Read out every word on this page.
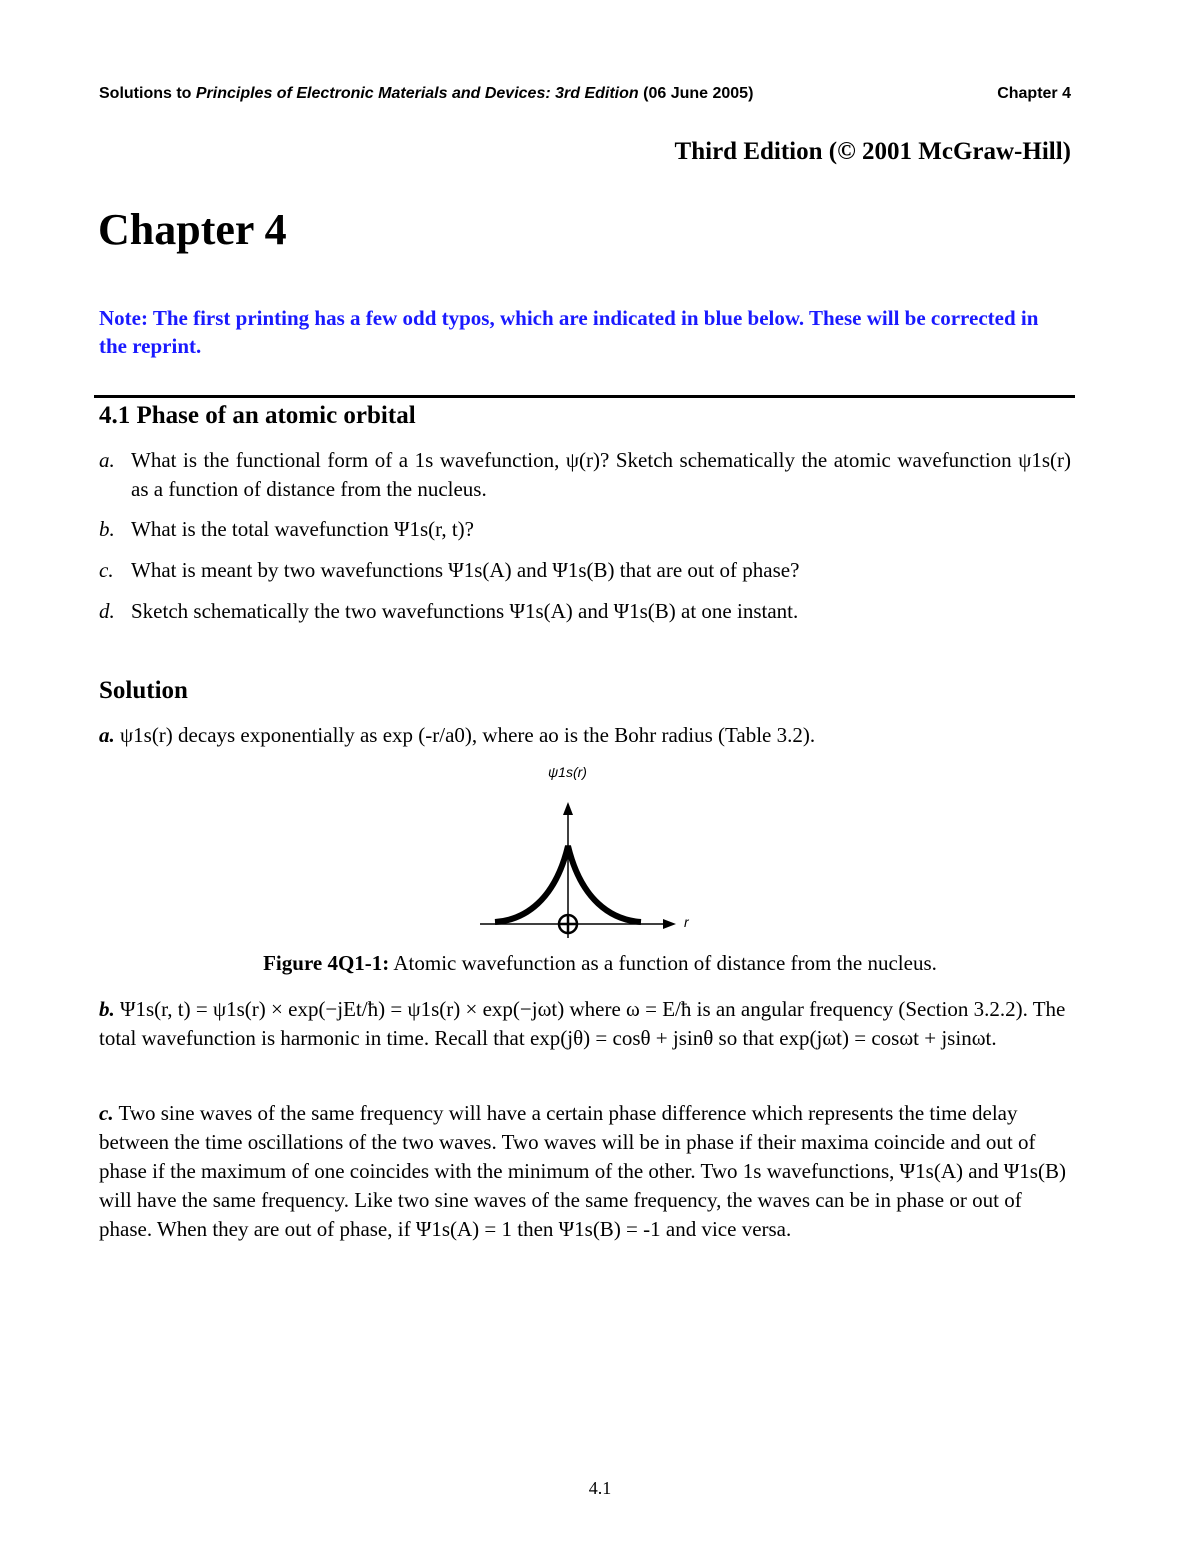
Solutions to Principles of Electronic Materials and Devices: 3rd Edition (06 June 2005)	Chapter 4
Third Edition (© 2001 McGraw-Hill)
Chapter 4
Note: The first printing has a few odd typos, which are indicated in blue below. These will be corrected in the reprint.
4.1 Phase of an atomic orbital
a. What is the functional form of a 1s wavefunction, ψ(r)? Sketch schematically the atomic wavefunction ψ1s(r) as a function of distance from the nucleus.
b. What is the total wavefunction Ψ1s(r, t)?
c. What is meant by two wavefunctions Ψ1s(A) and Ψ1s(B) that are out of phase?
d. Sketch schematically the two wavefunctions Ψ1s(A) and Ψ1s(B) at one instant.
Solution
a. ψ1s(r) decays exponentially as exp (-r/a0), where ao is the Bohr radius (Table 3.2).
ψ1s(r)
r
Figure 4Q1-1: Atomic wavefunction as a function of distance from the nucleus.
b. Ψ1s(r, t) = ψ1s(r) × exp(−jEt/ħ) = ψ1s(r) × exp(−jωt) where ω = E/ħ is an angular frequency (Section 3.2.2). The total wavefunction is harmonic in time. Recall that exp(jθ) = cosθ + jsinθ so that exp(jωt) = cosωt + jsinωt.
c. Two sine waves of the same frequency will have a certain phase difference which represents the time delay between the time oscillations of the two waves. Two waves will be in phase if their maxima coincide and out of phase if the maximum of one coincides with the minimum of the other. Two 1s wavefunctions, Ψ1s(A) and Ψ1s(B) will have the same frequency. Like two sine waves of the same frequency, the waves can be in phase or out of phase. When they are out of phase, if Ψ1s(A) = 1 then Ψ1s(B) = -1 and vice versa.
4.1
